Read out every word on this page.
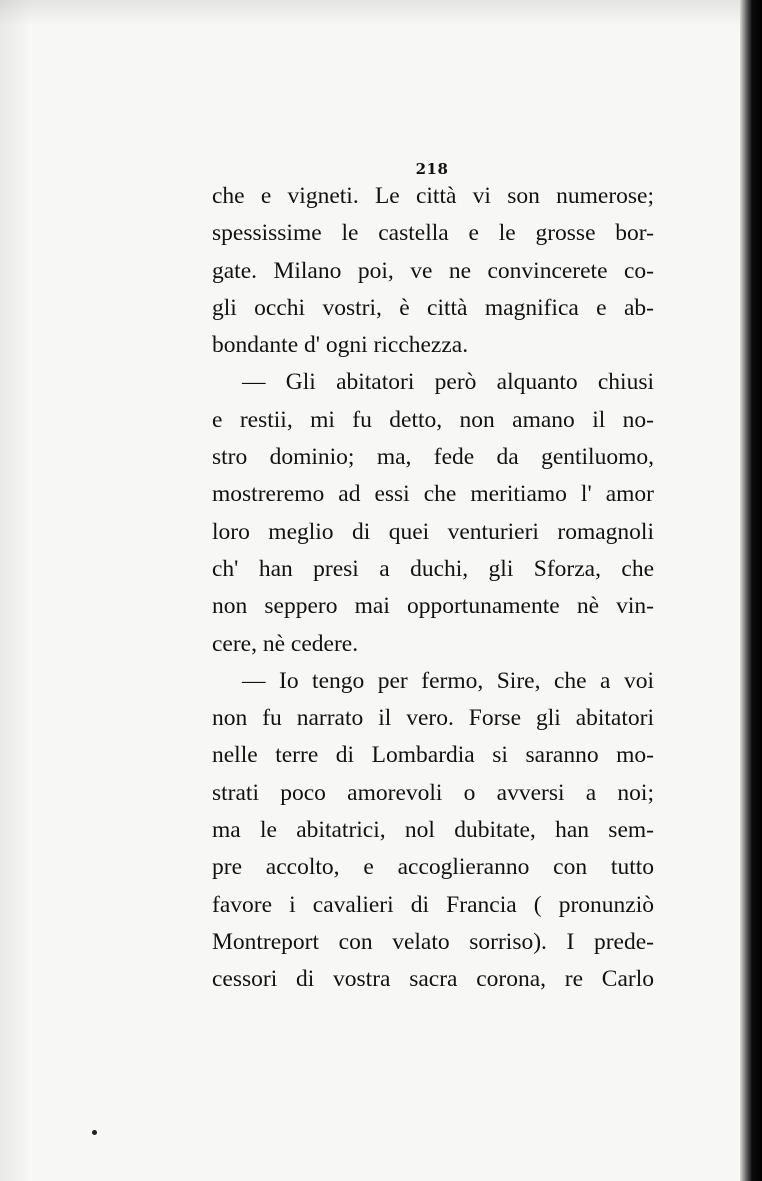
218
che e vigneti. Le città vi son numerose;
spessissime le castella e le grosse bor-
gate. Milano poi, ve ne convincerete co-
gli occhi vostri, è città magnifica e ab-
bondante d' ogni ricchezza.
— Gli abitatori però alquanto chiusi
e restii, mi fu detto, non amano il no-
stro dominio; ma, fede da gentiluomo,
mostreremo ad essi che meritiamo l' amor
loro meglio di quei venturieri romagnoli
ch' han presi a duchi, gli Sforza, che
non seppero mai opportunamente nè vin-
cere, nè cedere.
— Io tengo per fermo, Sire, che a voi
non fu narrato il vero. Forse gli abitatori
nelle terre di Lombardia si saranno mo-
strati poco amorevoli o avversi a noi;
ma le abitatrici, nol dubitate, han sem-
pre accolto, e accoglieranno con tutto
favore i cavalieri di Francia ( pronunziò
Montreport con velato sorriso). I prede-
cessori di vostra sacra corona, re Carlo
